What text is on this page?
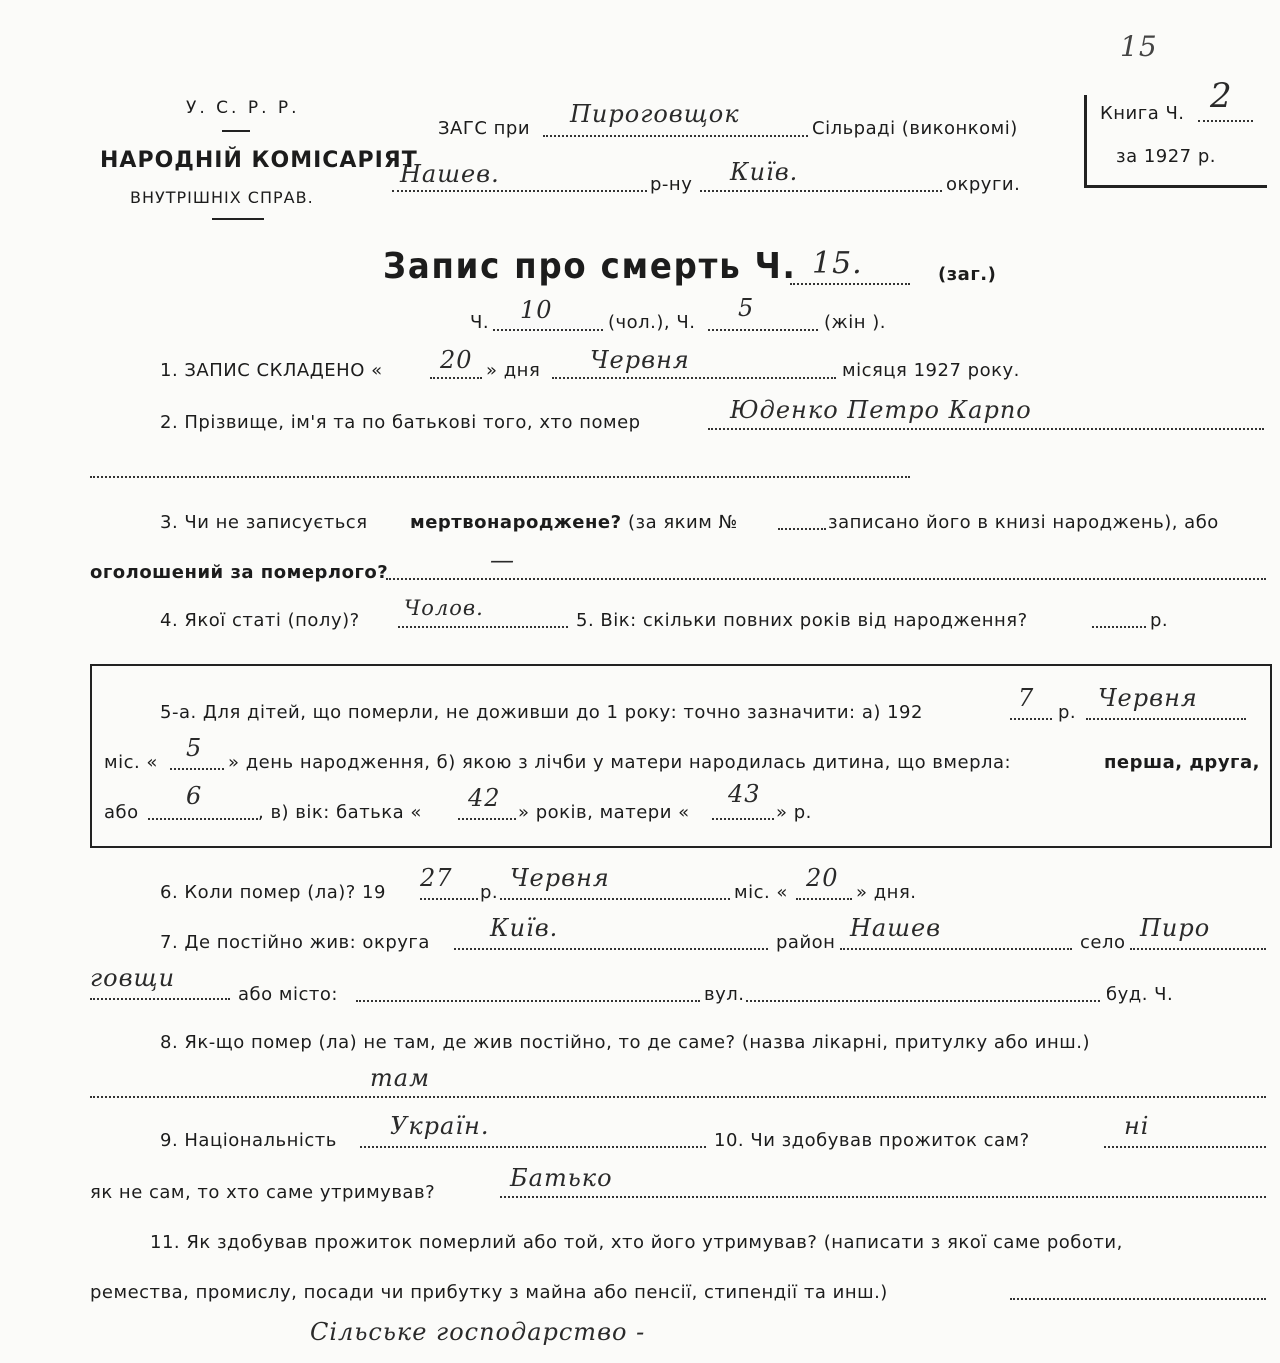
У. С. Р. Р.
НАРОДНІЙ КОМІСАРІЯТ
ВНУТРІШНІХ СПРАВ.
ЗАГС при
Пироговщок
Сільраді (виконкомі)
Нашев.	р-ну Київ.	округи.
Книга Ч. 2
за 1927 р.
15
Запис про смерть Ч. 15.	(заг.)
Ч. 10	(чол.), Ч.
5
(жін ).
1. ЗАПИС СКЛАДЕНО « 20 » дня Червня	місяця 1927 року.
2. Прізвище, ім'я та по батькові того, хто помер	Юденко Петро Карпо
3. Чи не записується мертвонароджене? (за яким №	записано його в книзі народжень), або
оголошений за померлого?	—
4. Якої статі (полу)?
Чолов.
5. Вік: скільки повних років від народження?	р.
5-а. Для дітей, що померли, не доживши до 1 року: точно зазначити: а) 192
7
р.
Червня
міс. «
5
» день народження, б) якою з лічби у матери народилась дитина, що вмерла:	перша, друга,
або
6
, в) вік: батька «
42
» років, матери «
43
» р.
6. Коли помер (ла)? 19
27
р.
Червня
міс. «
20
» дня.
7. Де постійно жив: округа
Київ.
район
Нашев
село
Пиро
говщи
або місто:	вул.	буд. Ч.
8. Як-що помер (ла) не там, де жив постійно, то де саме? (назва лікарні, притулку або инш.)
там
9. Національність
Україн.
10. Чи здобував прожиток сам?
ні
як не сам, то хто саме утримував?
Батько
11. Як здобував прожиток померлий або той, хто його утримував? (написати з якої саме роботи,
ремества, промислу, посади чи прибутку з майна або пенсії, стипендії та инш.)
Сільське господарство -
